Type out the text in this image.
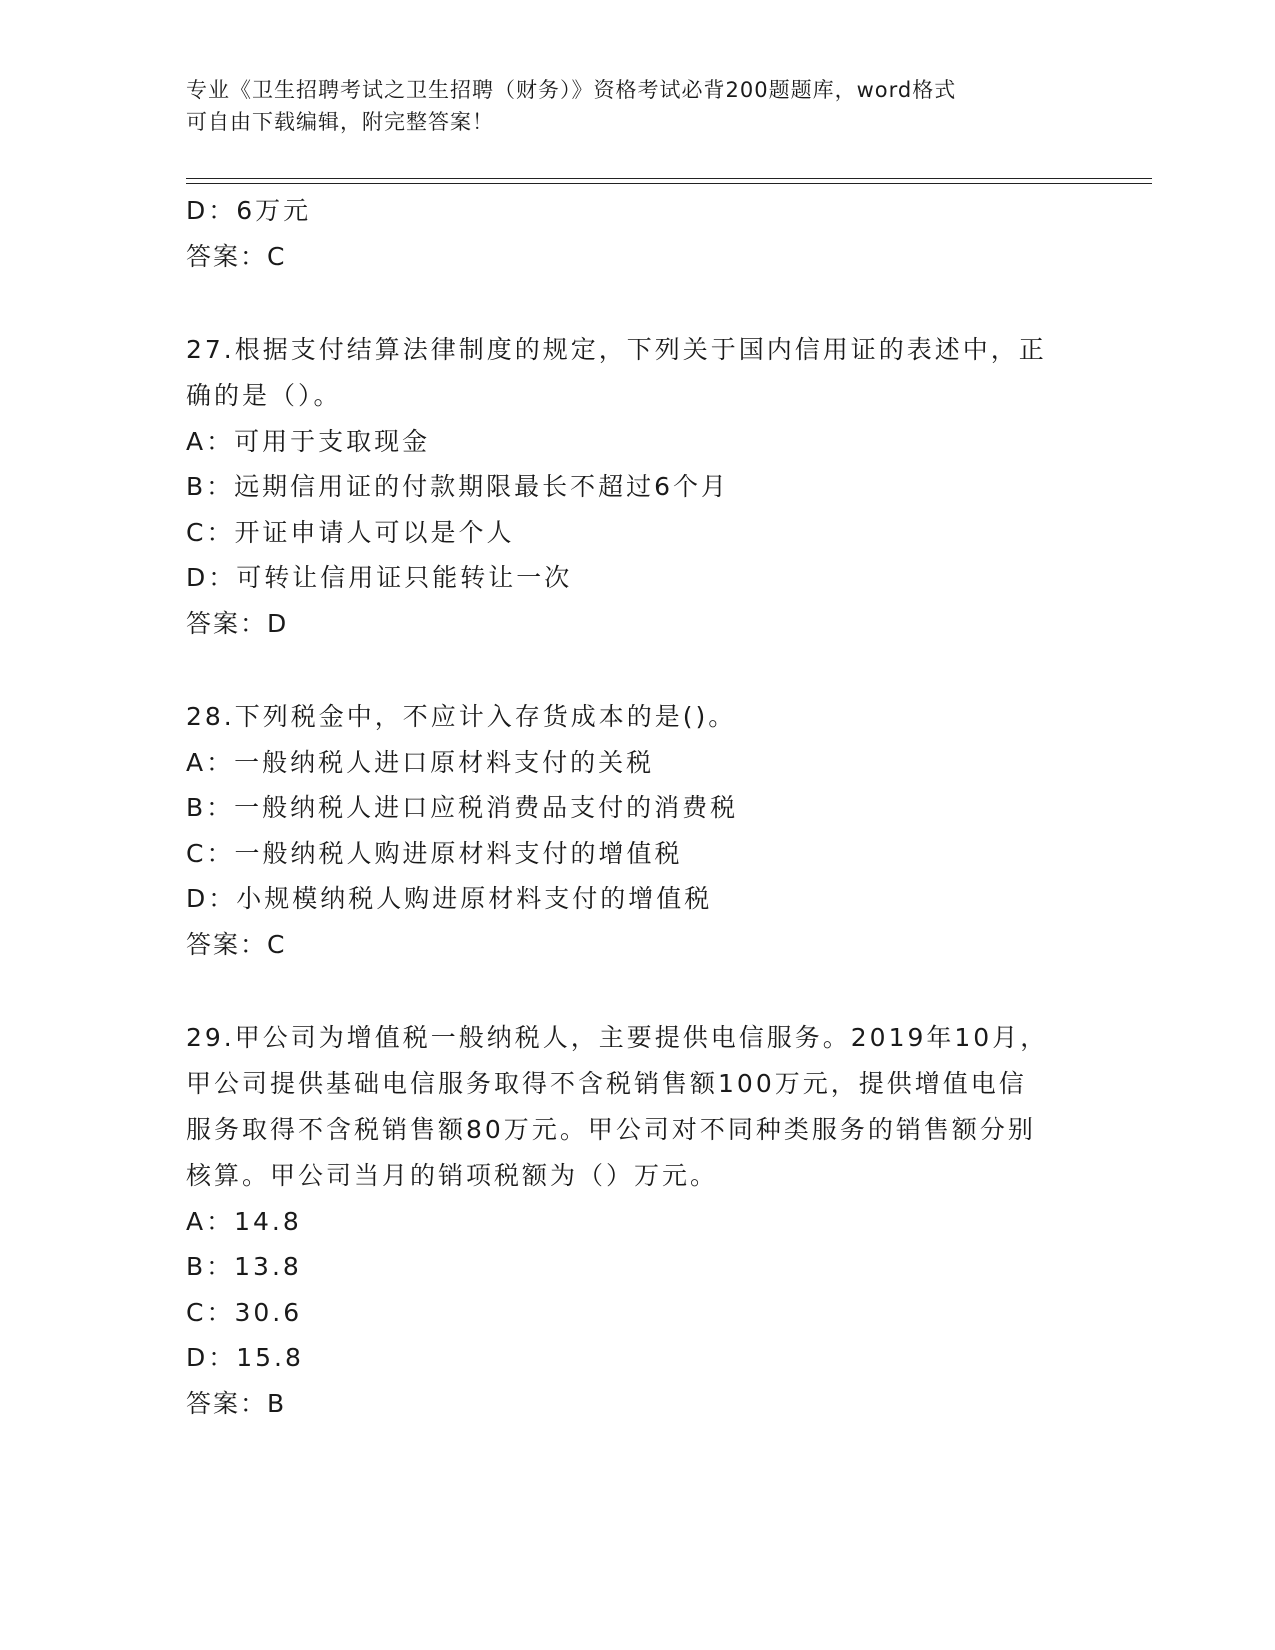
专业《卫生招聘考试之卫生招聘（财务）》资格考试必背200题题库，word格式
可自由下载编辑，附完整答案！
D：6万元
答案：C
27.根据支付结算法律制度的规定，下列关于国内信用证的表述中，正
确的是（）。
A：可用于支取现金
B：远期信用证的付款期限最长不超过6个月
C：开证申请人可以是个人
D：可转让信用证只能转让一次
答案：D
28.下列税金中，不应计入存货成本的是()。
A：一般纳税人进口原材料支付的关税
B：一般纳税人进口应税消费品支付的消费税
C：一般纳税人购进原材料支付的增值税
D：小规模纳税人购进原材料支付的增值税
答案：C
29.甲公司为增值税一般纳税人，主要提供电信服务。2019年10月，
甲公司提供基础电信服务取得不含税销售额100万元，提供增值电信
服务取得不含税销售额80万元。甲公司对不同种类服务的销售额分别
核算。甲公司当月的销项税额为（）万元。
A：14.8
B：13.8
C：30.6
D：15.8
答案：B
